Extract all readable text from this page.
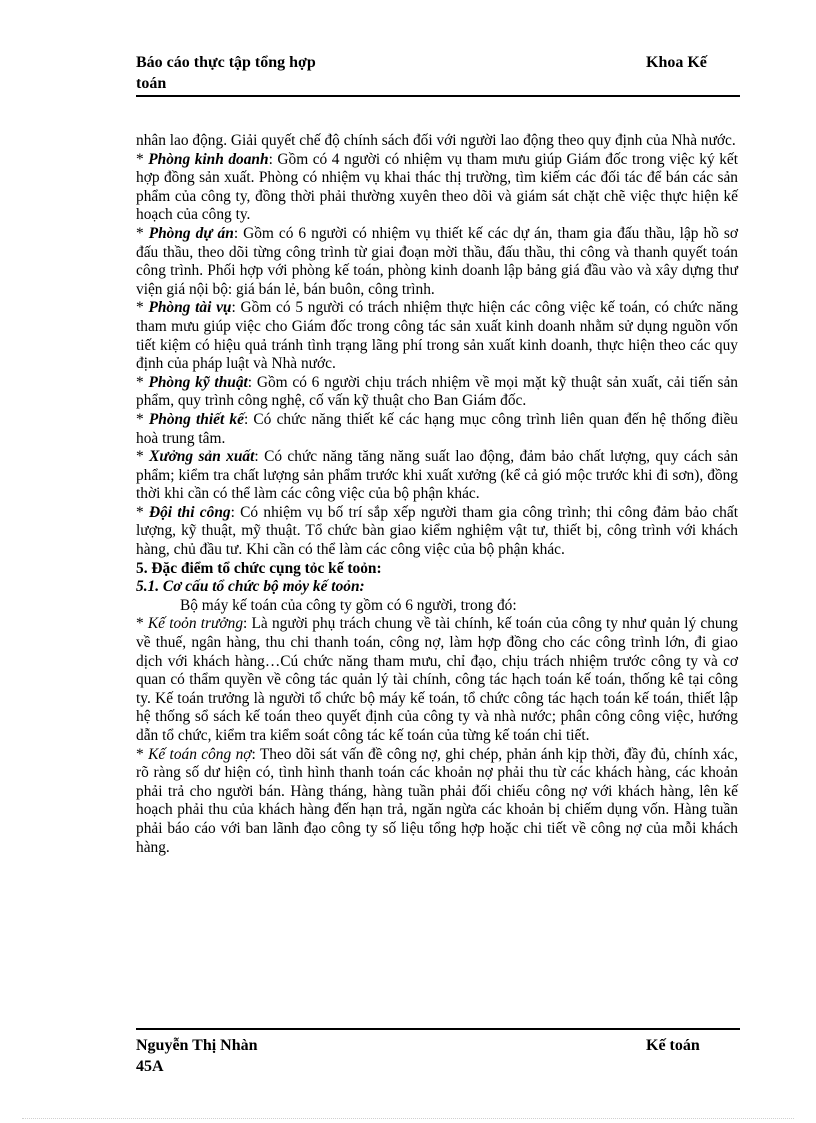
Báo cáo thực tập tổng hợp	Khoa Kế
toán

nhân lao động. Giải quyết chế độ chính sách đối với người lao động theo quy định của Nhà nước.

* Phòng kinh doanh: Gồm có 4 người có nhiệm vụ tham mưu giúp Giám đốc trong việc ký kết hợp đồng sản xuất. Phòng có nhiệm vụ khai thác thị trường, tìm kiếm các đối tác để bán các sản phẩm của công ty, đồng thời phải thường xuyên theo dõi và giám sát chặt chẽ việc thực hiện kế hoạch của công ty.

* Phòng dự án: Gồm có 6 người có nhiệm vụ thiết kế các dự án, tham gia đấu thầu, lập hồ sơ đấu thầu, theo dõi từng công trình từ giai đoạn mời thầu, đấu thầu, thi công và thanh quyết toán công trình. Phối hợp với phòng kế toán, phòng kinh doanh lập bảng giá đầu vào và xây dựng thư viện giá nội bộ: giá bán lẻ, bán buôn, công trình.

* Phòng tài vụ: Gồm có 5 người có trách nhiệm thực hiện các công việc kế toán, có chức năng tham mưu giúp việc cho Giám đốc trong công tác sản xuất kinh doanh nhằm sử dụng nguồn vốn tiết kiệm có hiệu quả tránh tình trạng lãng phí trong sản xuất kinh doanh, thực hiện theo các quy định của pháp luật và Nhà nước.

* Phòng kỹ thuật: Gồm có 6 người chịu trách nhiệm về mọi mặt kỹ thuật sản xuất, cải tiến sản phẩm, quy trình công nghệ, cố vấn kỹ thuật cho Ban Giám đốc.

* Phòng thiết kế: Có chức năng thiết kế các hạng mục công trình liên quan đến hệ thống điều hoà trung tâm.

* Xưởng sản xuất: Có chức năng tăng năng suất lao động, đảm bảo chất lượng, quy cách sản phẩm; kiểm tra chất lượng sản phẩm trước khi xuất xưởng (kể cả gió mộc trước khi đi sơn), đồng thời khi cần có thể làm các công việc của bộ phận khác.

* Đội thi công: Có nhiệm vụ bố trí sắp xếp người tham gia công trình; thi công đảm bảo chất lượng, kỹ thuật, mỹ thuật. Tổ chức bàn giao kiểm nghiệm vật tư, thiết bị, công trình với khách hàng, chủ đầu tư. Khi cần có thể làm các công việc của bộ phận khác.

5. Đặc điểm tổ chức cụng tỏc kế toỏn:

5.1. Cơ cấu tổ chức bộ mỏy kế toỏn:

Bộ máy kế toán của công ty gồm có 6 người, trong đó:

* Kế toỏn trưởng: Là người phụ trách chung về tài chính, kế toán của công ty như quản lý chung về thuế, ngân hàng, thu chi thanh toán, công nợ, làm hợp đồng cho các công trình lớn, đi giao dịch với khách hàng…Cú chức năng tham mưu, chỉ đạo, chịu trách nhiệm trước công ty và cơ quan có thẩm quyền về công tác quản lý tài chính, công tác hạch toán kế toán, thống kê tại công ty. Kế toán trưởng là người tổ chức bộ máy kế toán, tổ chức công tác hạch toán kế toán, thiết lập hệ thống sổ sách kế toán theo quyết định của công ty và nhà nước; phân công công việc, hướng dẫn tổ chức, kiểm tra kiểm soát công tác kế toán của từng kế toán chi tiết.

* Kế toán công nợ: Theo dõi sát vấn đề công nợ, ghi chép, phản ánh kịp thời, đầy đủ, chính xác, rõ ràng số dư hiện có, tình hình thanh toán các khoản nợ phải thu từ các khách hàng, các khoản phải trả cho người bán. Hàng tháng, hàng tuần phải đối chiếu công nợ với khách hàng, lên kế hoạch phải thu của khách hàng đến hạn trả, ngăn ngừa các khoản bị chiếm dụng vốn. Hàng tuần phải báo cáo với ban lãnh đạo công ty số liệu tổng hợp hoặc chi tiết về công nợ của mỗi khách hàng.

Nguyễn Thị Nhàn	Kế toán
45A
